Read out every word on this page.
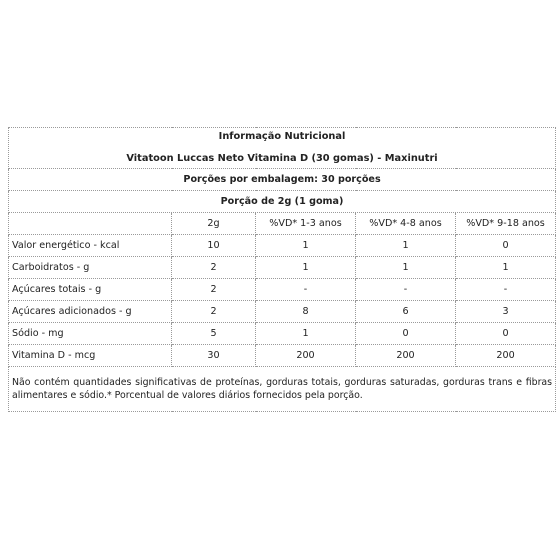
Informação Nutricional
Vitatoon Luccas Neto Vitamina D (30 gomas) - Maxinutri				

Porções por embalagem: 30 porções				
Porção de 2g (1 goma)				
	2g	%VD* 1-3 anos	%VD* 4-8 anos	%VD* 9-18 anos
Valor energético - kcal	10	1	1	0
Carboidratos - g	2	1	1	1
Açúcares totais - g	2	-	-	-
Açúcares adicionados - g	2	8	6	3
Sódio - mg	5	1	0	0
Vitamina D - mcg	30	200	200	200
Não contém quantidades significativas de proteínas, gorduras totais, gorduras saturadas, gorduras trans e fibras alimentares e sódio.* Porcentual de valores diários fornecidos pela porção.				
